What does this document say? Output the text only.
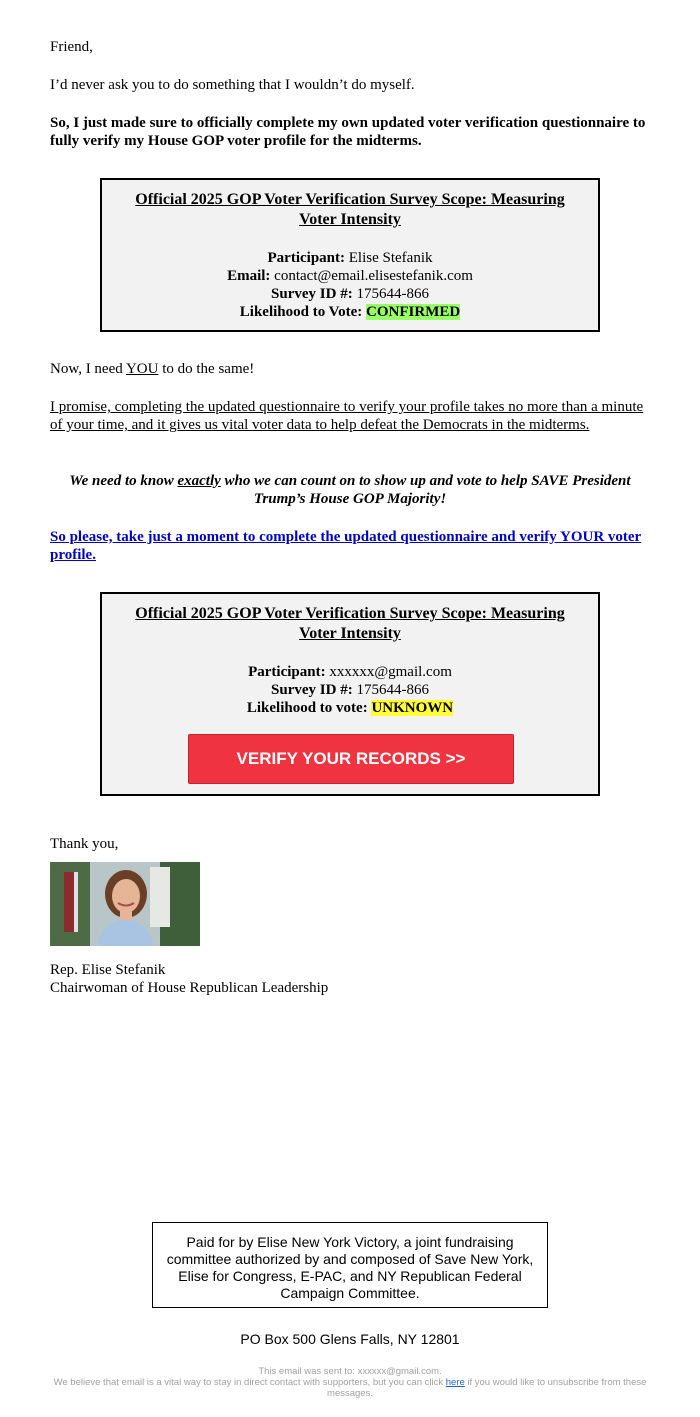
Friend,

I’d never ask you to do something that I wouldn’t do myself.

So, I just made sure to officially complete my own updated voter verification questionnaire to fully verify my House GOP voter profile for the midterms.

Official 2025 GOP Voter Verification Survey Scope: Measuring Voter Intensity
Participant: Elise Stefanik
Email: contact@email.elisestefanik.com
Survey ID #: 175644-866
Likelihood to Vote: CONFIRMED

Now, I need YOU to do the same!

I promise, completing the updated questionnaire to verify your profile takes no more than a minute of your time, and it gives us vital voter data to help defeat the Democrats in the midterms.

We need to know exactly who we can count on to show up and vote to help SAVE President Trump’s House GOP Majority!

So please, take just a moment to complete the updated questionnaire and verify YOUR voter profile.

Official 2025 GOP Voter Verification Survey Scope: Measuring Voter Intensity
Participant: xxxxxx@gmail.com
Survey ID #: 175644-866
Likelihood to vote: UNKNOWN
VERIFY YOUR RECORDS >>

Thank you,

Rep. Elise Stefanik

Chairwoman of House Republican Leadership

Paid for by Elise New York Victory, a joint fundraising committee authorized by and composed of Save New York, Elise for Congress, E-PAC, and NY Republican Federal Campaign Committee.

PO Box 500 Glens Falls, NY 12801

This email was sent to: xxxxxx@gmail.com.
We believe that email is a vital way to stay in direct contact with supporters, but you can click here if you would like to unsubscribe from these messages.
